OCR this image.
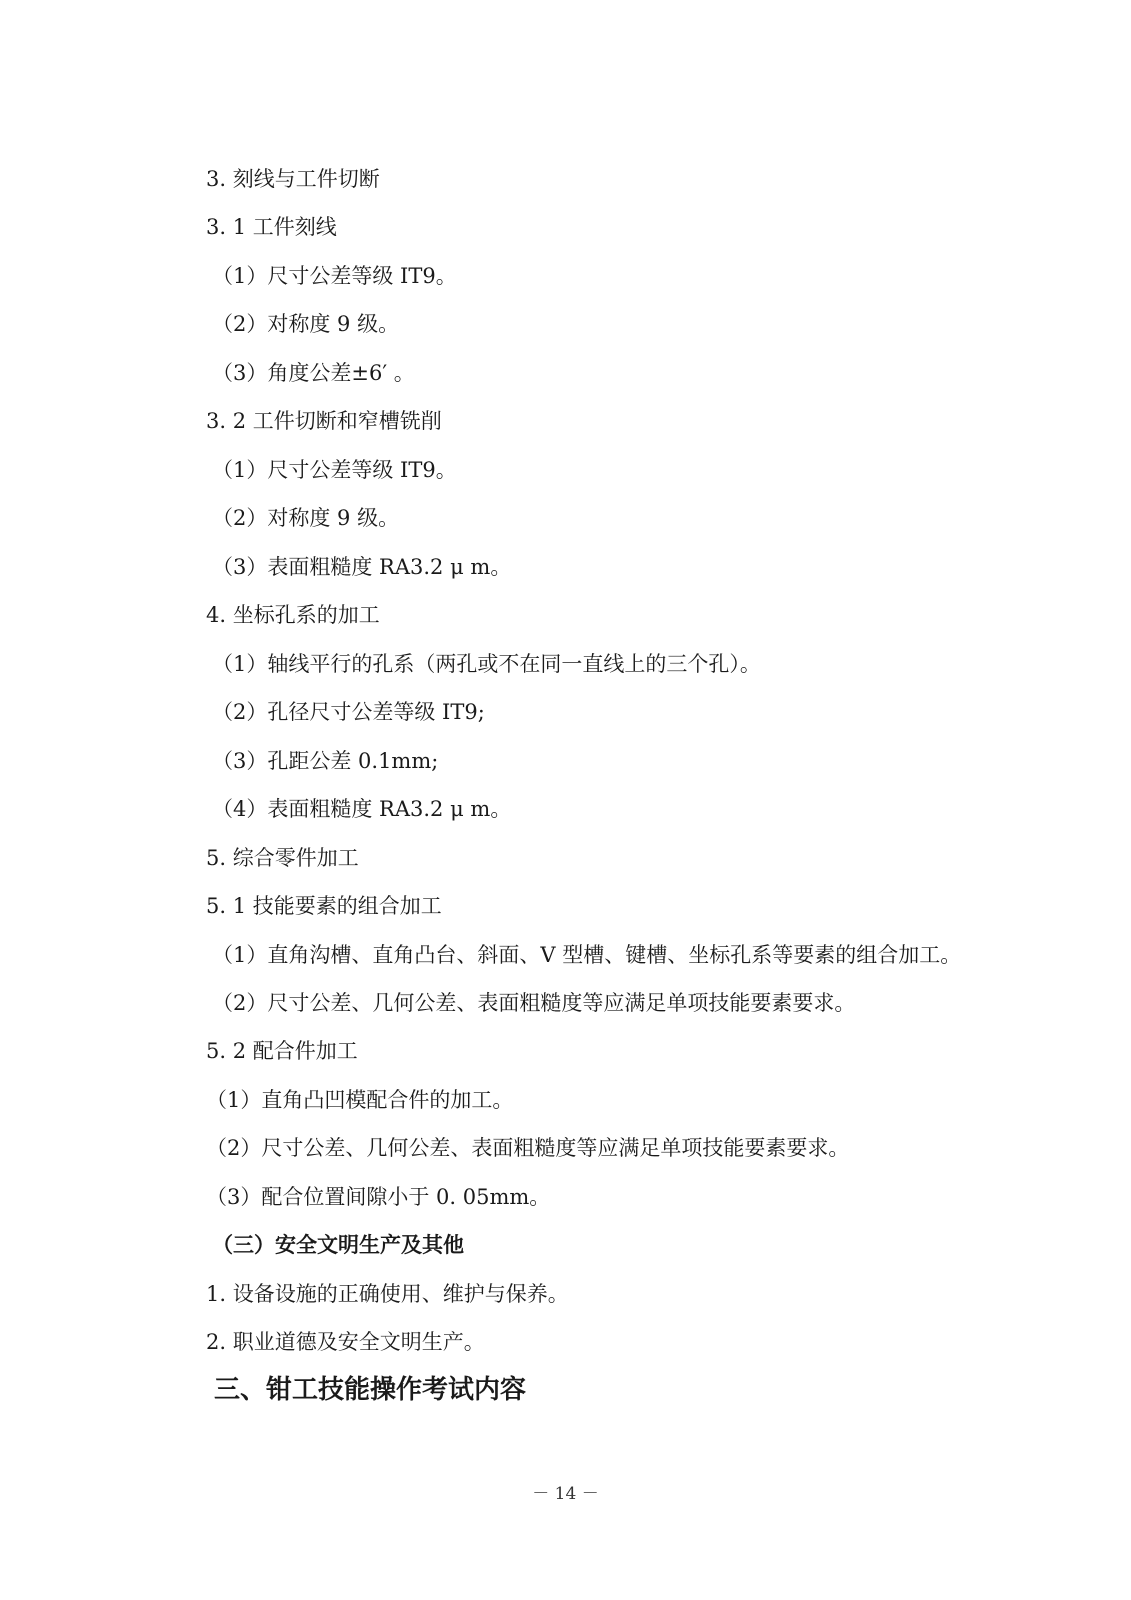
3. 刻线与工件切断
3. 1 工件刻线
（1）尺寸公差等级 IT9。
（2）对称度 9 级。
（3）角度公差±6′ 。
3. 2 工件切断和窄槽铣削
（1）尺寸公差等级 IT9。
（2）对称度 9 级。
（3）表面粗糙度 RA3.2 μ m。
4. 坐标孔系的加工
（1）轴线平行的孔系（两孔或不在同一直线上的三个孔）。
（2）孔径尺寸公差等级 IT9;
（3）孔距公差 0.1mm;
（4）表面粗糙度 RA3.2 μ m。
5. 综合零件加工
5. 1 技能要素的组合加工
（1）直角沟槽、直角凸台、斜面、V 型槽、键槽、坐标孔系等要素的组合加工。
（2）尺寸公差、几何公差、表面粗糙度等应满足单项技能要素要求。
5. 2 配合件加工
（1）直角凸凹模配合件的加工。
（2）尺寸公差、几何公差、表面粗糙度等应满足单项技能要素要求。
（3）配合位置间隙小于 0. 05mm。
（三）安全文明生产及其他
1. 设备设施的正确使用、维护与保养。
2. 职业道德及安全文明生产。
三、钳工技能操作考试内容
－ 14 －
